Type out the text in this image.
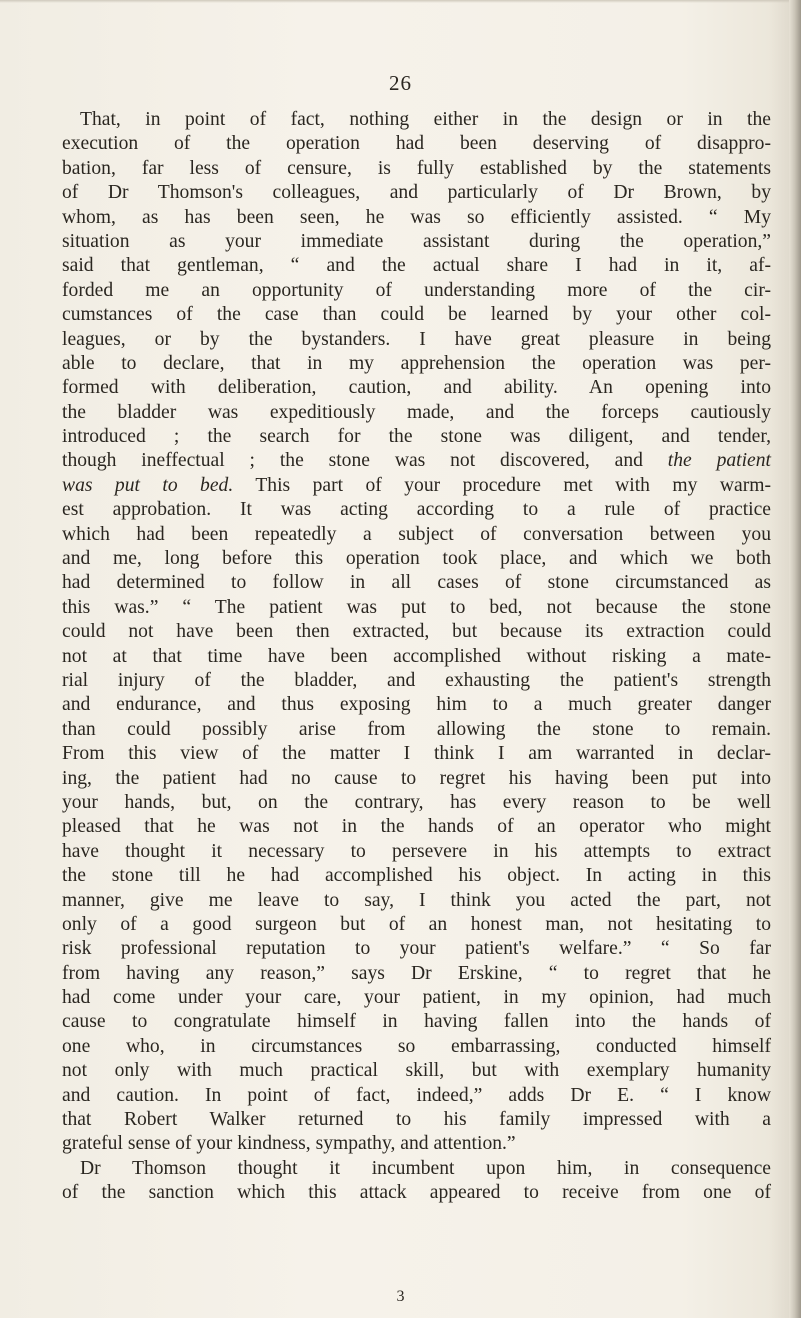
26
That, in point of fact, nothing either in the design or in the
execution of the operation had been deserving of disappro-
bation, far less of censure, is fully established by the statements
of Dr Thomson's colleagues, and particularly of Dr Brown, by
whom, as has been seen, he was so efficiently assisted. “ My
situation as your immediate assistant during the operation,”
said that gentleman, “ and the actual share I had in it, af-
forded me an opportunity of understanding more of the cir-
cumstances of the case than could be learned by your other col-
leagues, or by the bystanders. I have great pleasure in being
able to declare, that in my apprehension the operation was per-
formed with deliberation, caution, and ability. An opening into
the bladder was expeditiously made, and the forceps cautiously
introduced ; the search for the stone was diligent, and tender,
though ineffectual ; the stone was not discovered, and the patient
was put to bed. This part of your procedure met with my warm-
est approbation. It was acting according to a rule of practice
which had been repeatedly a subject of conversation between you
and me, long before this operation took place, and which we both
had determined to follow in all cases of stone circumstanced as
this was.” “ The patient was put to bed, not because the stone
could not have been then extracted, but because its extraction could
not at that time have been accomplished without risking a mate-
rial injury of the bladder, and exhausting the patient's strength
and endurance, and thus exposing him to a much greater danger
than could possibly arise from allowing the stone to remain.
From this view of the matter I think I am warranted in declar-
ing, the patient had no cause to regret his having been put into
your hands, but, on the contrary, has every reason to be well
pleased that he was not in the hands of an operator who might
have thought it necessary to persevere in his attempts to extract
the stone till he had accomplished his object. In acting in this
manner, give me leave to say, I think you acted the part, not
only of a good surgeon but of an honest man, not hesitating to
risk professional reputation to your patient's welfare.” “ So far
from having any reason,” says Dr Erskine, “ to regret that he
had come under your care, your patient, in my opinion, had much
cause to congratulate himself in having fallen into the hands of
one who, in circumstances so embarrassing, conducted himself
not only with much practical skill, but with exemplary humanity
and caution. In point of fact, indeed,” adds Dr E. “ I know
that Robert Walker returned to his family impressed with a
grateful sense of your kindness, sympathy, and attention.”
Dr Thomson thought it incumbent upon him, in consequence
of the sanction which this attack appeared to receive from one of
3
